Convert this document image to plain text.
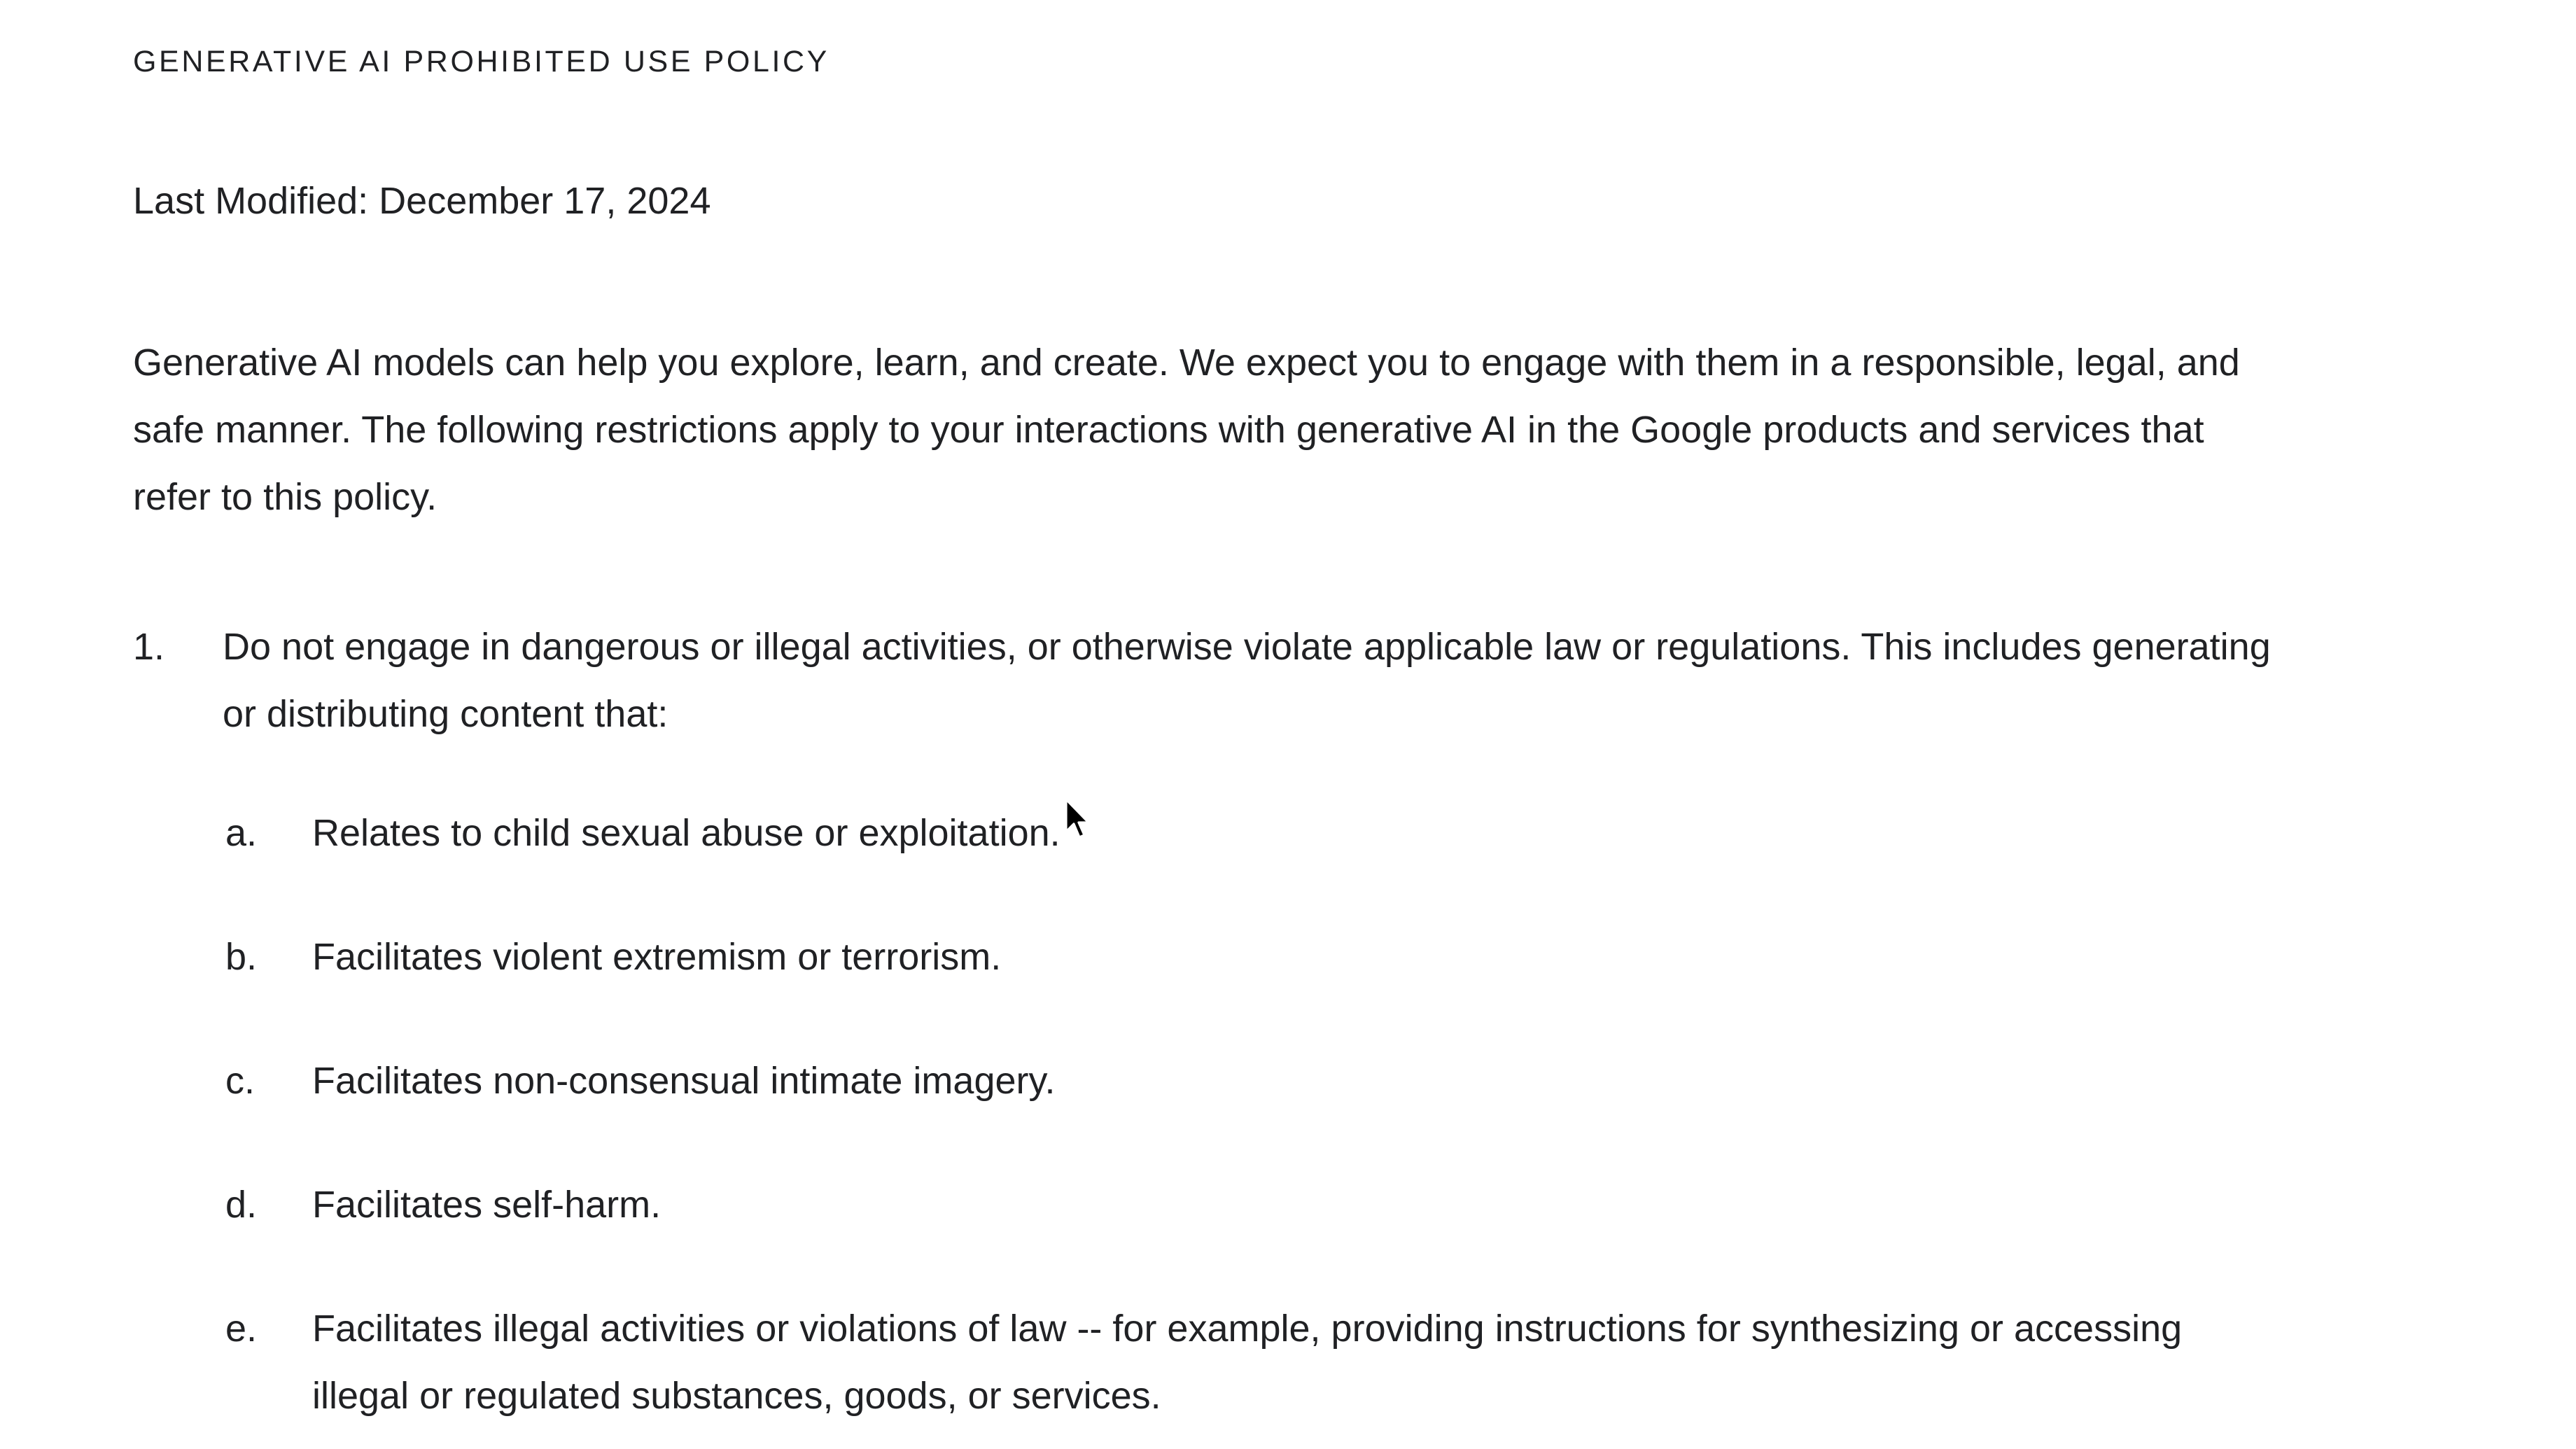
GENERATIVE AI PROHIBITED USE POLICY
Last Modified: December 17, 2024
Generative AI models can help you explore, learn, and create. We expect you to engage with them in a responsible, legal, and safe manner. The following restrictions apply to your interactions with generative AI in the Google products and services that refer to this policy.
1. Do not engage in dangerous or illegal activities, or otherwise violate applicable law or regulations. This includes generating or distributing content that:
a. Relates to child sexual abuse or exploitation.
b. Facilitates violent extremism or terrorism.
c. Facilitates non-consensual intimate imagery.
d. Facilitates self-harm.
e. Facilitates illegal activities or violations of law -- for example, providing instructions for synthesizing or accessing illegal or regulated substances, goods, or services.
